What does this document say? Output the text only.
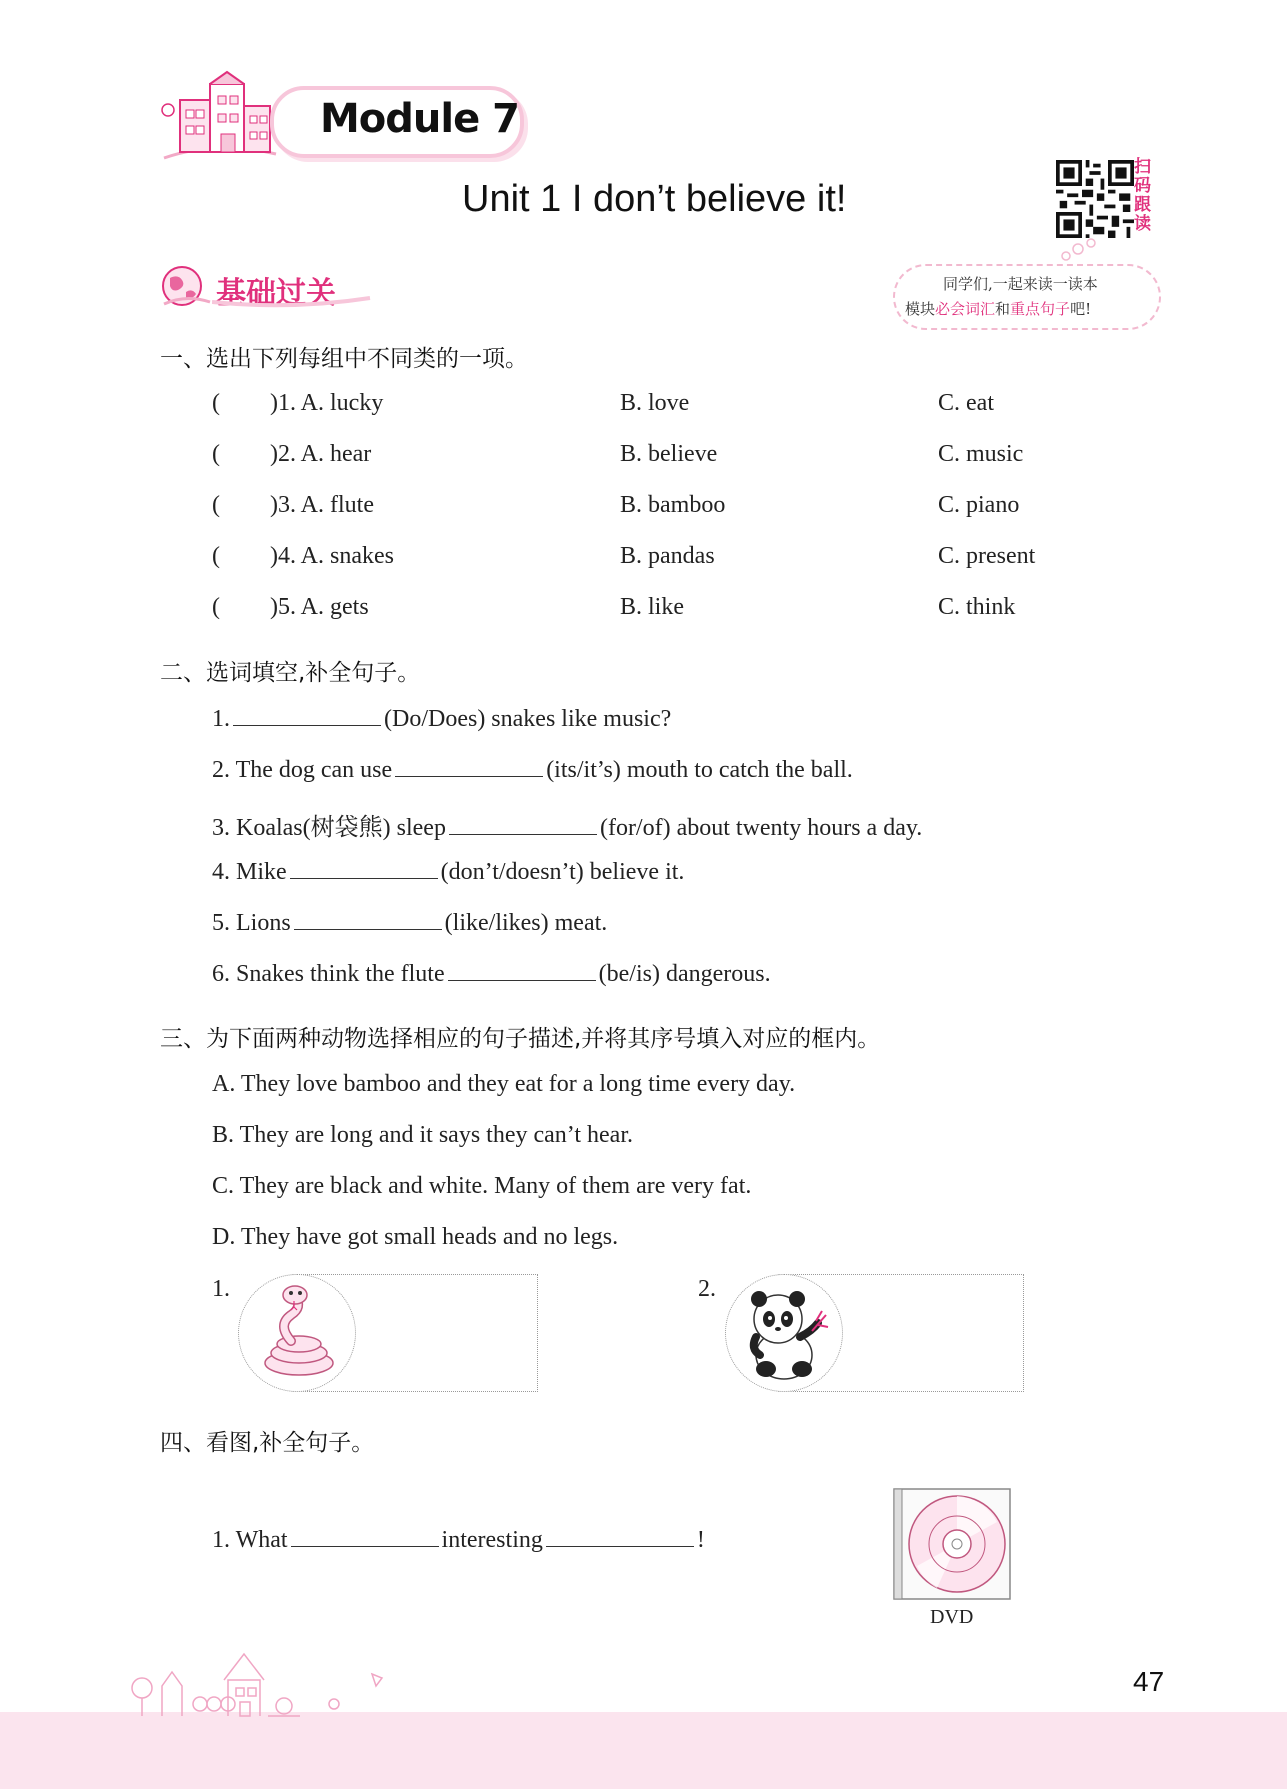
Module 7
Unit 1 I don’t believe it!
扫
码
跟
读
基础过关	同学们,一起来读一读本
模块必会词汇和重点句子吧!
一、选出下列每组中不同类的一项。
( )1. A. lucky	B. love	C. eat
( )2. A. hear	B. believe	C. music
( )3. A. flute	B. bamboo	C. piano
( )4. A. snakes	B. pandas	C. present
( )5. A. gets	B. like	C. think
二、选词填空,补全句子。
1.	(Do/Does) snakes like music?
2. The dog can use	(its/it’s) mouth to catch the ball.
3. Koalas(树袋熊) sleep	(for/of) about twenty hours a day.
4. Mike	(don’t/doesn’t) believe it.
5. Lions	(like/likes) meat.
6. Snakes think the flute	(be/is) dangerous.
三、为下面两种动物选择相应的句子描述,并将其序号填入对应的框内。
A. They love bamboo and they eat for a long time every day.
B. They are long and it says they can’t hear.
C. They are black and white. Many of them are very fat.
D. They have got small heads and no legs.
1.	2.
四、看图,补全句子。
1. What	interesting	!
DVD
47
